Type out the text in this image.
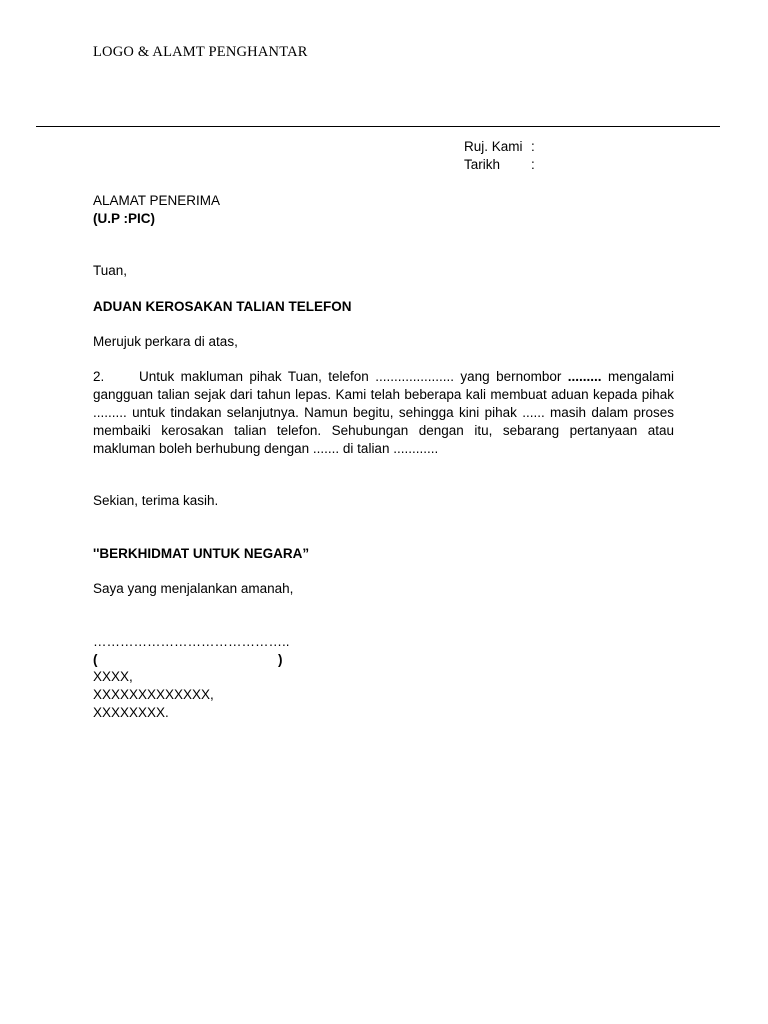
LOGO & ALAMT PENGHANTAR
Ruj. Kami :
Tarikh :
ALAMAT PENERIMA
(U.P :PIC)
Tuan,
ADUAN KEROSAKAN TALIAN TELEFON
Merujuk perkara di atas,
2.	Untuk makluman pihak Tuan, telefon ..................... yang bernombor ......... mengalami gangguan talian sejak dari tahun lepas. Kami telah beberapa kali membuat aduan kepada pihak ......... untuk tindakan selanjutnya. Namun begitu, sehingga kini pihak ...... masih dalam proses membaiki kerosakan talian telefon. Sehubungan dengan itu, sebarang pertanyaan atau makluman boleh berhubung dengan ....... di talian ............
Sekian, terima kasih.
''BERKHIDMAT UNTUK NEGARA”
Saya yang menjalankan amanah,
……………………………………..
(	)
XXXX,
XXXXXXXXXXXXX,
XXXXXXXX.
